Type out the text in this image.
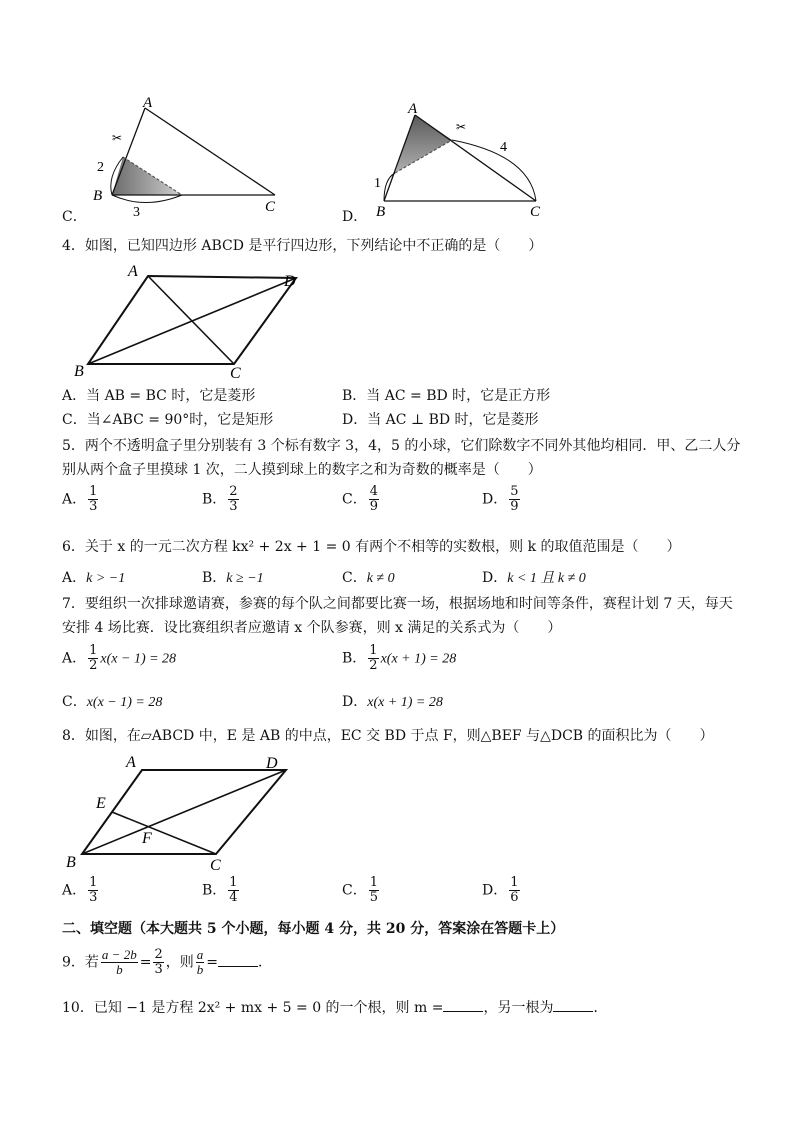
C．
B
A
C
2
3
✂
D．
A
B	C
1
4
✂
4．如图，已知四边形 ABCD 是平行四边形，下列结论中不正确的是（　　）
A
D
B	C
A．当 AB = BC 时，它是菱形	B．当 AC = BD 时，它是正方形
C．当∠ABC = 90°时，它是矩形	D．当 AC ⊥ BD 时，它是菱形
5．两个不透明盒子里分别装有 3 个标有数字 3，4，5 的小球，它们除数字不同外其他均相同．甲、乙二人分
别从两个盒子里摸球 1 次，二人摸到球上的数字之和为奇数的概率是（　　）
A． $\frac{1}{3}$	B． $\frac{2}{3}$	C． $\frac{4}{9}$	D． $\frac{5}{9}$
6．关于 x 的一元二次方程 kx² + 2x + 1 = 0 有两个不相等的实数根，则 k 的取值范围是（　　）
A．k > −1	B．k ≥ −1	C．k ≠ 0	D．k < 1 且 k ≠ 0
7．要组织一次排球邀请赛，参赛的每个队之间都要比赛一场，根据场地和时间等条件，赛程计划 7 天，每天
安排 4 场比赛．设比赛组织者应邀请 x 个队参赛，则 x 满足的关系式为（　　）
A． $\frac{1}{2} x(x - 1) = 28$	B． $\frac{1}{2} x(x + 1) = 28$
C．x(x − 1) = 28	D．x(x + 1) = 28
8．如图，在▱ABCD 中，E 是 AB 的中点，EC 交 BD 于点 F，则△BEF 与△DCB 的面积比为（　　）
A	D
E
F
B	C
A． $\frac{1}{3}$	B． $\frac{1}{4}$	C． $\frac{1}{5}$	D． $\frac{1}{6}$
二、填空题（本大题共 5 个小题，每小题 4 分，共 20 分，答案涂在答题卡上）
9．若 $\frac{a - 2b}{b} = \frac{2}{3}$ ，则 $\frac{a}{b}$ =	．
10．已知 −1 是方程 2x² + mx + 5 = 0 的一个根，则 m =	，另一根为	．
